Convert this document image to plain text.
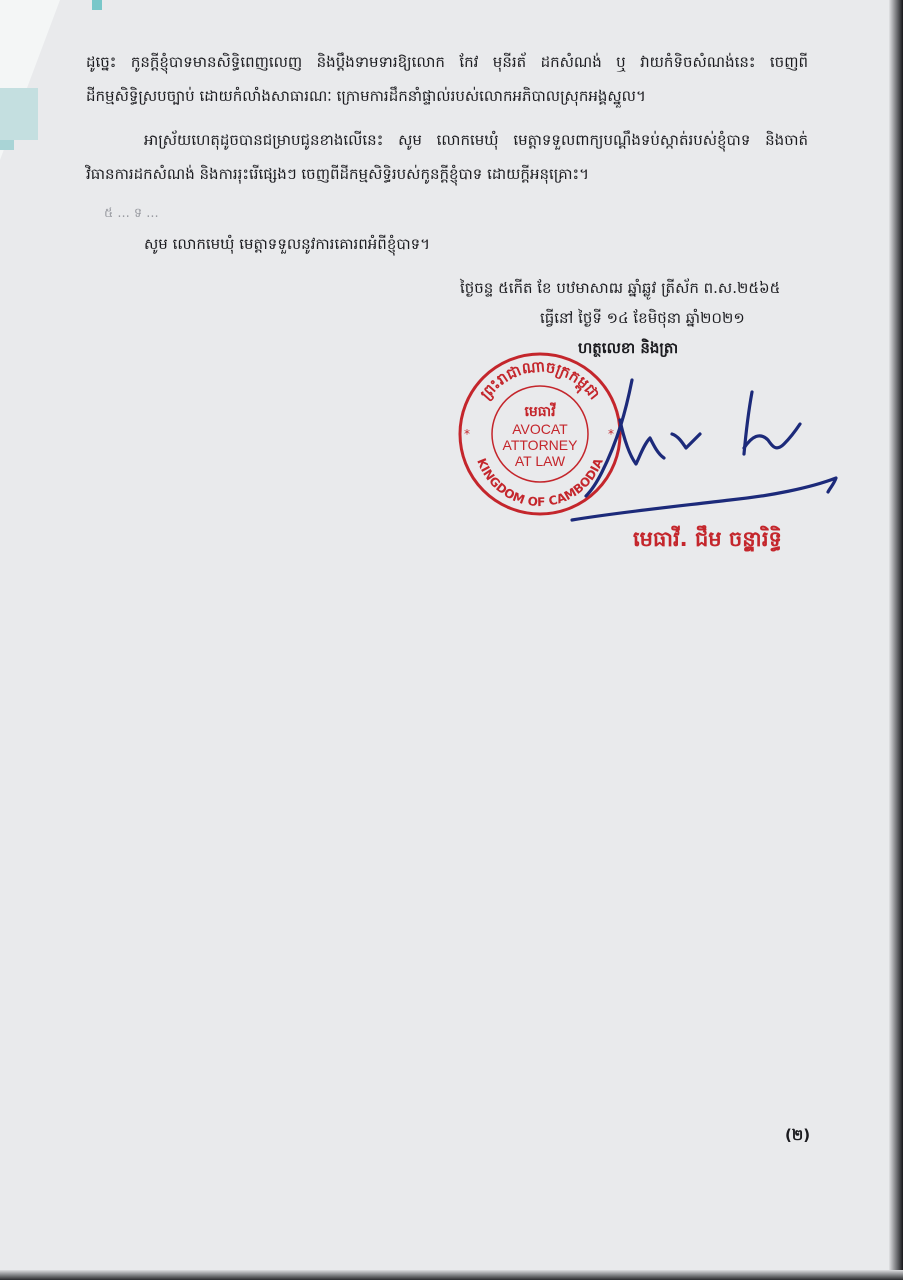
ដូច្នេះ កូនក្តីខ្ញុំបាទមានសិទ្ធិពេញលេញ និងប្តឹងទាមទារឱ្យលោក កែវ មុនីរត័ ដកសំណង់ ឬ វាយកំទិចសំណង់នេះ ចេញពី
ដីកម្មសិទ្ធិស្របច្បាប់ ដោយកំលាំងសាធារណៈ ក្រោមការដឹកនាំផ្ទាល់របស់លោកអភិបាលស្រុកអង្គស្នួល។
អាស្រ័យហេតុដូចបានជម្រាបជូនខាងលើនេះ សូម លោកមេឃុំ មេត្តាទទួលពាក្យបណ្តឹងទប់ស្កាត់របស់ខ្ញុំបាទ និងចាត់
វិធានការដកសំណង់ និងការរុះរើផ្សេងៗ ចេញពីដីកម្មសិទ្ធិរបស់កូនក្តីខ្ញុំបាទ ដោយក្តីអនុគ្រោះ។
៥ ... ទ ...
សូម លោកមេឃុំ មេត្តាទទួលនូវការគោរពអំពីខ្ញុំបាទ។
ថ្ងៃចន្ទ ៥កើត ខែ បឋមាសាឍ ឆ្នាំឆ្លូវ ត្រីស័ក ព.ស.២៥៦៥
ធ្វើនៅ ថ្ងៃទី ១៤ ខែមិថុនា ឆ្នាំ២០២១
ហត្ថលេខា និងត្រា
ព្រះរាជាណាចក្រកម្ពុជា
KINGDOM OF CAMBODIA
មេធាវី
AVOCAT
ATTORNEY
AT LAW
*	*
មេធាវី. ជឹម ចន្ទ្តារិទ្ធិ
(២)
